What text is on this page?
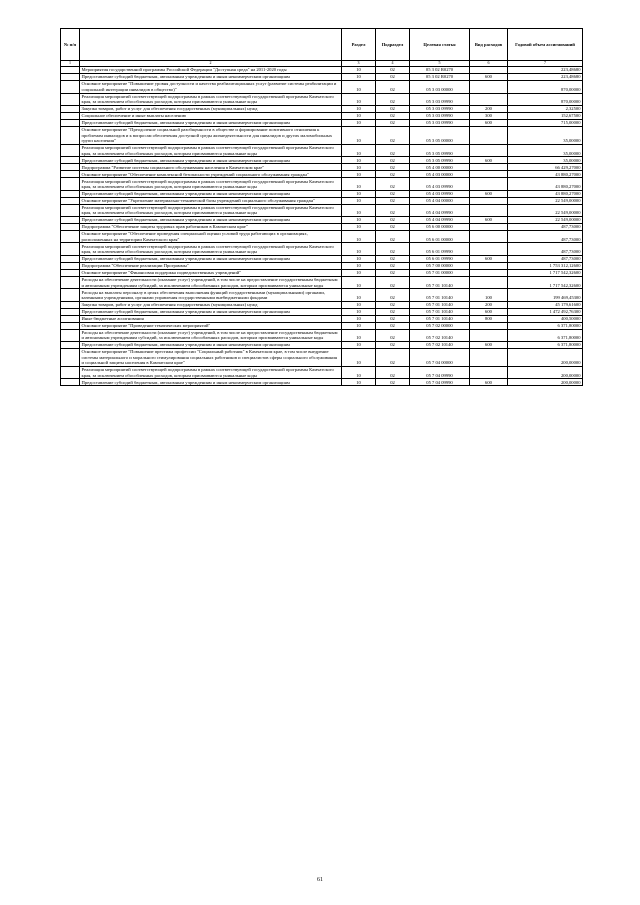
№ п/п		Раздел	Подраздел	Целевая статья	Вид расходов	Годовой объем ассигнований
1	2	3	4	5	6	7
	Мероприятия государственной программы Российской Федерации "Доступная среда" на 2011-2020 годы	10	02	05 3 02 R0270		223,48680
	Предоставление субсидий бюджетным, автономным учреждениям и иным некоммерческим организациям	10	02	05 3 02 R0270	600	223,48680
	Основное мероприятие "Повышение уровня доступности и качества реабилитационных услуг (развитие системы реабилитации и социальной интеграции инвалидов в общество)"	10	02	05 3 03 00000		870,00000
	Реализация мероприятий соответствующей подпрограммы в рамках соответствующей государственной программы Камчатского края, за исключением обособленных расходов, которым присваиваются уникальные коды	10	02	05 3 03 09990		870,00000
	Закупка товаров, работ и услуг для обеспечения государственных (муниципальных) нужд	10	02	05 3 03 09990	200	2,32500
	Социальное обеспечение и иные выплаты населению	10	02	05 3 03 09990	300	152,67500
	Предоставление субсидий бюджетным, автономным учреждениям и иным некоммерческим организациям	10	02	05 3 03 09990	600	715,00000
	Основное мероприятие "Преодоление социальной разобщенности в обществе и формирование позитивного отношения к проблемам инвалидов и к вопросам обеспечения доступной среды жизнедеятельности для инвалидов и других маломобильных групп населения"	10	02	05 3 05 00000		35,00000
	Реализация мероприятий соответствующей подпрограммы в рамках соответствующей государственной программы Камчатского края, за исключением обособленных расходов, которым присваиваются уникальные коды	10	02	05 3 05 09990		35,00000
	Предоставление субсидий бюджетным, автономным учреждениям и иным некоммерческим организациям	10	02	05 3 05 09990	600	35,00000
	Подпрограмма "Развитие системы социального обслуживания населения в Камчатском крае"	10	02	05 4 00 00000		66 429,27000
	Основное мероприятие "Обеспечение комплексной безопасности учреждений социального обслуживания граждан"	10	02	05 4 03 00000		43 880,27000
	Реализация мероприятий соответствующей подпрограммы в рамках соответствующей государственной программы Камчатского края, за исключением обособленных расходов, которым присваиваются уникальные коды	10	02	05 4 03 09990		43 880,27000
	Предоставление субсидий бюджетным, автономным учреждениям и иным некоммерческим организациям	10	02	05 4 03 09990	600	43 880,27000
	Основное мероприятие "Укрепление материально-технической базы учреждений социального обслуживания граждан"	10	02	05 4 04 00000		22 549,00000
	Реализация мероприятий соответствующей подпрограммы в рамках соответствующей государственной программы Камчатского края, за исключением обособленных расходов, которым присваиваются уникальные коды	10	02	05 4 04 09990		22 549,00000
	Предоставление субсидий бюджетным, автономным учреждениям и иным некоммерческим организациям	10	02	05 4 04 09990	600	22 549,00000
	Подпрограмма "Обеспечение защиты трудовых прав работников в Камчатском крае"	10	02	05 6 00 00000		487,73000
	Основное мероприятие "Обеспечение проведения специальной оценки условий труда работающих в организациях, расположенных на территории Камчатского края"	10	02	05 6 01 00000		487,73000
	Реализация мероприятий соответствующей подпрограммы в рамках соответствующей государственной программы Камчатского края, за исключением обособленных расходов, которым присваиваются уникальные коды	10	02	05 6 01 09990		487,73000
	Предоставление субсидий бюджетным, автономным учреждениям и иным некоммерческим организациям	10	02	05 6 01 09990	600	487,73000
	Подпрограмма "Обеспечение реализации Программы"	10	02	05 7 00 00000		1 753 312,12600
	Основное мероприятие "Финансовая поддержка подведомственных учреждений"	10	02	05 7 01 00000		1 717 542,32600
	Расходы на обеспечение деятельности (оказание услуг) учреждений, в том числе на предоставление государственным бюджетным и автономным учреждениям субсидий, за исключением обособленных расходов, которым присваиваются уникальные коды	10	02	05 7 01 10140		1 717 542,32600
	Расходы на выплаты персоналу в целях обеспечения выполнения функций государственными (муниципальными) органами, казенными учреждениями, органами управления государственными внебюджетными фондами	10	02	05 7 01 10140	100	199 469,45300
	Закупка товаров, работ и услуг для обеспечения государственных (муниципальных) нужд	10	02	05 7 01 10140	200	45 179,61600
	Предоставление субсидий бюджетным, автономным учреждениям и иным некоммерческим организациям	10	02	05 7 01 10140	600	1 472 492,76300
	Иные бюджетные ассигнования	10	02	05 7 01 10140	800	400,50000
	Основное мероприятие "Проведение тематических мероприятий"	10	02	05 7 02 00000		6 371,80000
	Расходы на обеспечение деятельности (оказание услуг) учреждений, в том числе на предоставление государственным бюджетным и автономным учреждениям субсидий, за исключением обособленных расходов, которым присваиваются уникальные коды	10	02	05 7 02 10140		6 371,80000
	Предоставление субсидий бюджетным, автономным учреждениям и иным некоммерческим организациям	10	02	05 7 02 10140	600	6 371,80000
	Основное мероприятие "Повышение престижа профессии "Социальный работник" в Камчатском крае, в том числе внедрение системы материального и морального стимулирования социальных работников и специалистов сферы социального обслуживания и социальной защиты населения в Камчатском крае"	10	02	05 7 04 00000		200,00000
	Реализация мероприятий соответствующей подпрограммы в рамках соответствующей государственной программы Камчатского края, за исключением обособленных расходов, которым присваиваются уникальные коды	10	02	05 7 04 09990		200,00000
	Предоставление субсидий бюджетным, автономным учреждениям и иным некоммерческим организациям	10	02	05 7 04 09990	600	200,00000
61
